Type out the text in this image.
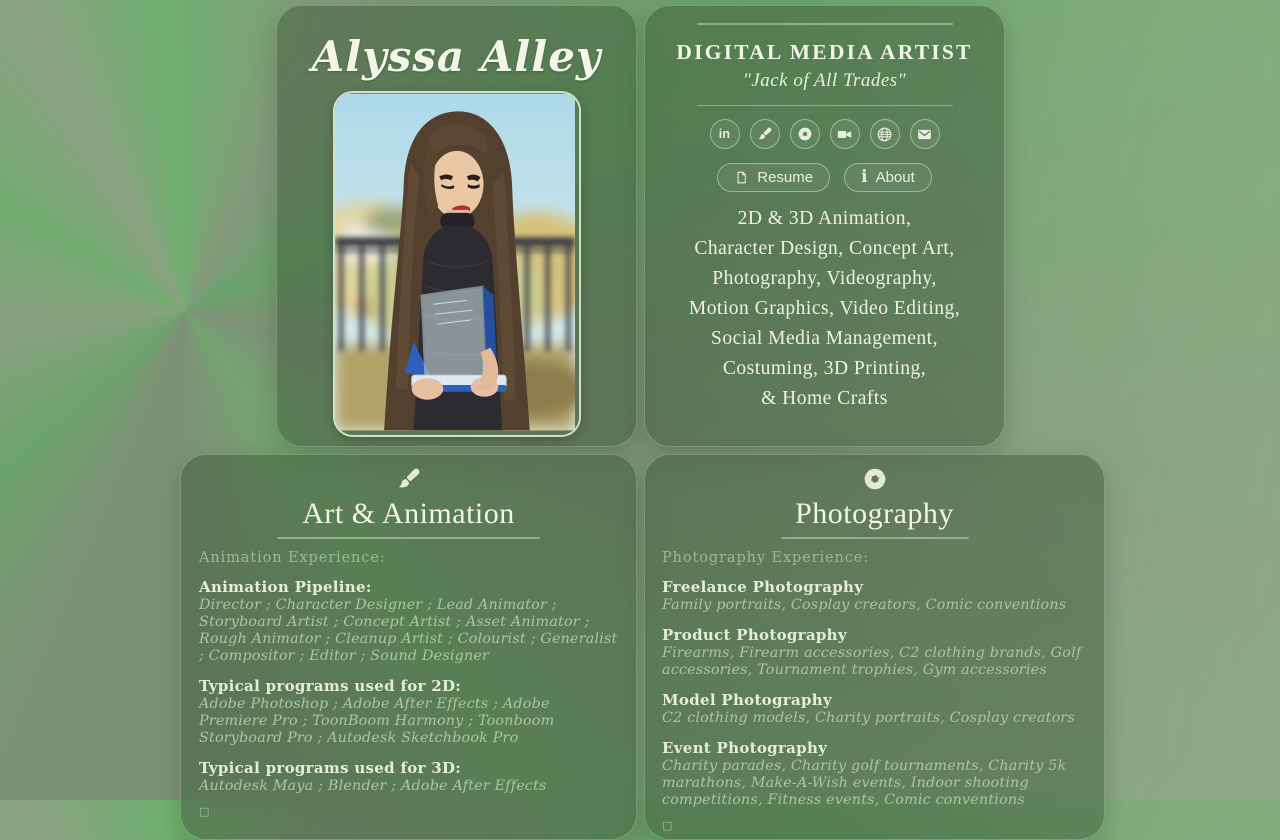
Alyssa Alley	DIGITAL MEDIA ARTIST
"Jack of All Trades"
in
Resume	i About
2D & 3D Animation,
Character Design, Concept Art,
Photography, Videography,
Motion Graphics, Video Editing,
Social Media Management,
Costuming, 3D Printing,
& Home Crafts
Art & Animation
Animation Experience:
Animation Pipeline:
Director ; Character Designer ; Lead Animator ; Storyboard Artist ; Concept Artist ; Asset Animator ; Rough Animator ; Cleanup Artist ; Colourist ; Generalist ; Compositor ; Editor ; Sound Designer
Typical programs used for 2D:
Adobe Photoshop ; Adobe After Effects ; Adobe Premiere Pro ; ToonBoom Harmony ; Toonboom Storyboard Pro ; Autodesk Sketchbook Pro
Typical programs used for 3D:
Autodesk Maya ; Blender ; Adobe After Effects
□
Photography
Photography Experience:
Freelance Photography
Family portraits, Cosplay creators, Comic conventions
Product Photography
Firearms, Firearm accessories, C2 clothing brands, Golf accessories, Tournament trophies, Gym accessories
Model Photography
C2 clothing models, Charity portraits, Cosplay creators
Event Photography
Charity parades, Charity golf tournaments, Charity 5k marathons, Make-A-Wish events, Indoor shooting competitions, Fitness events, Comic conventions
□
